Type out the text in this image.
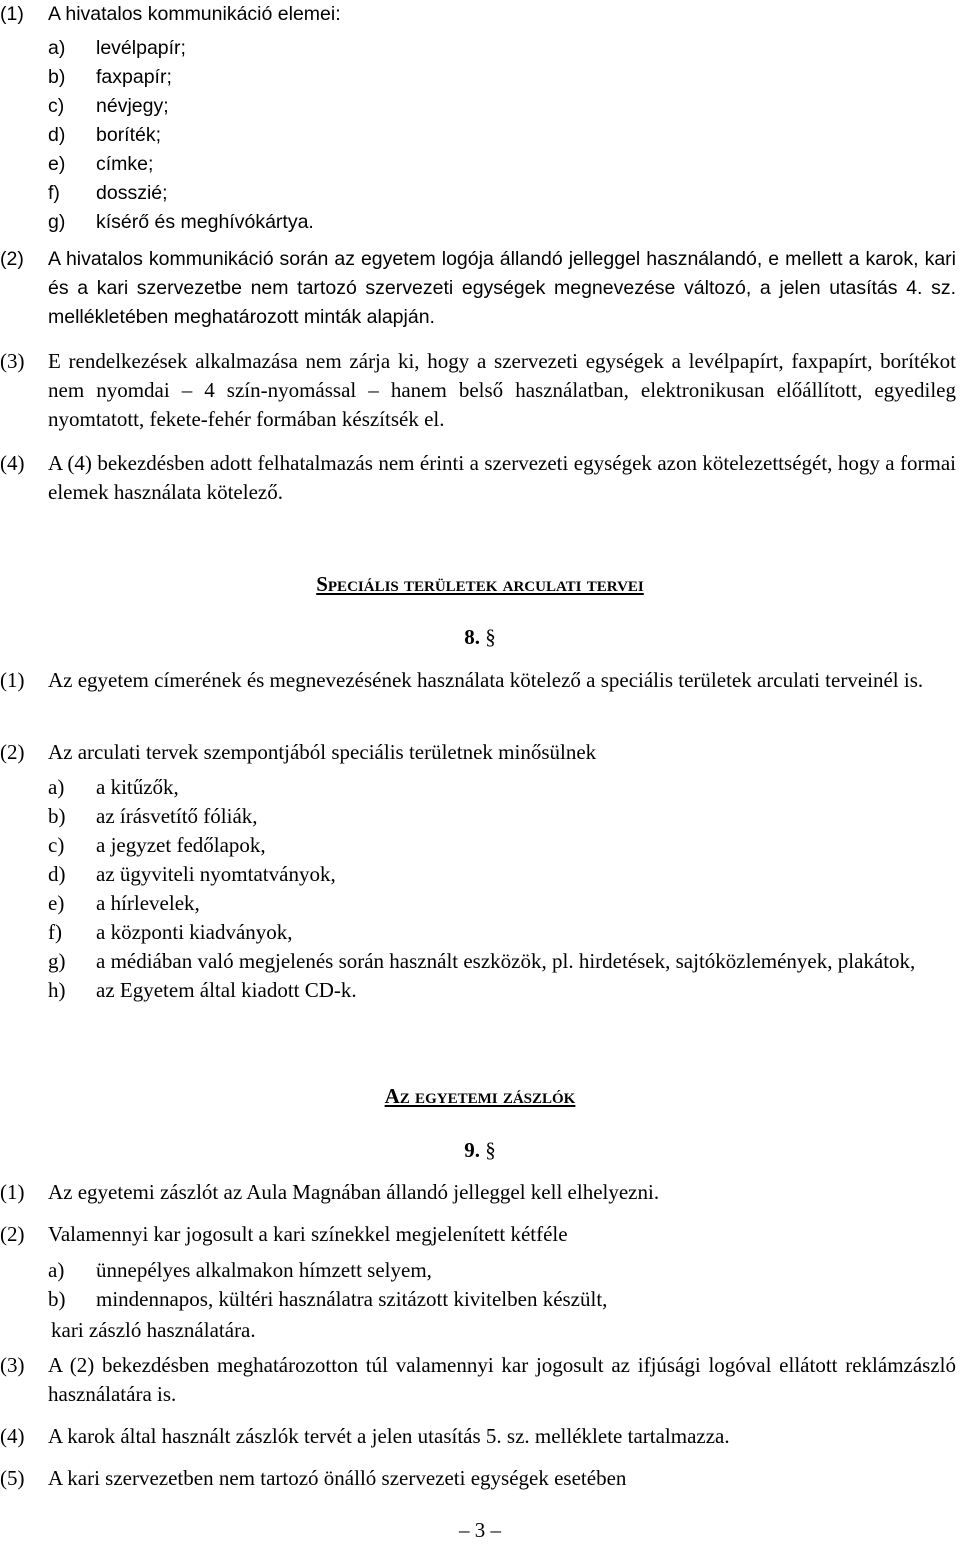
(1) A hivatalos kommunikáció elemei:
a) levélpapír;
b) faxpapír;
c) névjegy;
d) boríték;
e) címke;
f) dosszié;
g) kísérő és meghívókártya.
(2) A hivatalos kommunikáció során az egyetem logója állandó jelleggel használandó, e mellett a karok, kari és a kari szervezetbe nem tartozó szervezeti egységek megnevezése változó, a jelen utasítás 4. sz. mellékletében meghatározott minták alapján.
(3) E rendelkezések alkalmazása nem zárja ki, hogy a szervezeti egységek a levélpapírt, faxpapírt, borítékot nem nyomdai – 4 szín-nyomással – hanem belső használatban, elektronikusan előállított, egyedileg nyomtatott, fekete-fehér formában készítsék el.
(4) A (4) bekezdésben adott felhatalmazás nem érinti a szervezeti egységek azon kötelezettségét, hogy a formai elemek használata kötelező.
Speciális területek arculati tervei
8. §
(1) Az egyetem címerének és megnevezésének használata kötelező a speciális területek arculati terveinél is.
(2) Az arculati tervek szempontjából speciális területnek minősülnek
a) a kitűzők,
b) az írásvetítő fóliák,
c) a jegyzet fedőlapok,
d) az ügyviteli nyomtatványok,
e) a hírlevelek,
f) a központi kiadványok,
g) a médiában való megjelenés során használt eszközök, pl. hirdetések, sajtóközlemények, plakátok,
h) az Egyetem által kiadott CD-k.
Az egyetemi zászlók
9. §
(1) Az egyetemi zászlót az Aula Magnában állandó jelleggel kell elhelyezni.
(2) Valamennyi kar jogosult a kari színekkel megjelenített kétféle
a) ünnepélyes alkalmakon hímzett selyem,
b) mindennapos, kültéri használatra szitázott kivitelben készült,
kari zászló használatára.
(3) A (2) bekezdésben meghatározotton túl valamennyi kar jogosult az ifjúsági logóval ellátott reklámzászló használatára is.
(4) A karok által használt zászlók tervét a jelen utasítás 5. sz. melléklete tartalmazza.
(5) A kari szervezetben nem tartozó önálló szervezeti egységek esetében
– 3 –
